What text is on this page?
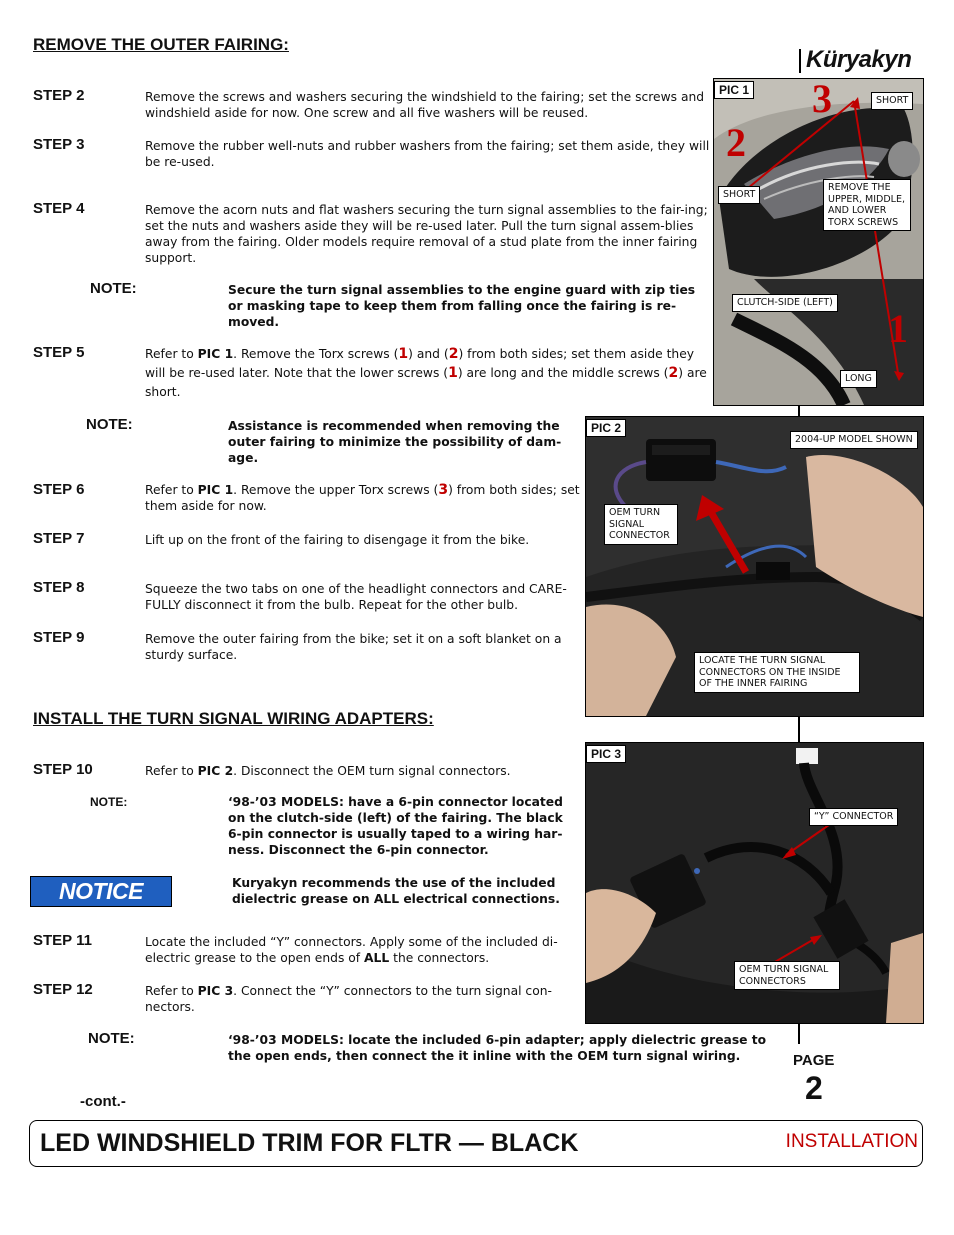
REMOVE THE OUTER FAIRING:
Küryakyn
STEP 2	Remove the screws and washers securing the windshield to the fairing; set the screws and windshield aside for now. One screw and all five washers will be reused.
STEP 3	Remove the rubber well-nuts and rubber washers from the fairing; set them aside, they will be re-used.
STEP 4	Remove the acorn nuts and flat washers securing the turn signal assemblies to the fair-ing; set the nuts and washers aside they will be re-used later. Pull the turn signal assem-blies away from the fairing. Older models require removal of a stud plate from the inner fairing support.
NOTE:	Secure the turn signal assemblies to the engine guard with zip ties or masking tape to keep them from falling once the fairing is re-moved.
STEP 5	Refer to PIC 1. Remove the Torx screws (1) and (2) from both sides; set them aside they will be re-used later. Note that the lower screws (1) are long and the middle screws (2) are short.
NOTE:	Assistance is recommended when removing the outer fairing to minimize the possibility of dam-age.
STEP 6	Refer to PIC 1. Remove the upper Torx screws (3) from both sides; set them aside for now.
STEP 7	Lift up on the front of the fairing to disengage it from the bike.
STEP 8	Squeeze the two tabs on one of the headlight connectors and CARE-FULLY disconnect it from the bulb. Repeat for the other bulb.
STEP 9	Remove the outer fairing from the bike; set it on a soft blanket on a sturdy surface.
INSTALL THE TURN SIGNAL WIRING ADAPTERS:
STEP 10	Refer to PIC 2. Disconnect the OEM turn signal connectors.
NOTE:	‘98-’03 MODELS: have a 6-pin connector located on the clutch-side (left) of the fairing. The black 6-pin connector is usually taped to a wiring har-ness. Disconnect the 6-pin connector.
NOTICE	Kuryakyn recommends the use of the included dielectric grease on ALL electrical connections.
STEP 11	Locate the included “Y” connectors. Apply some of the included di-electric grease to the open ends of ALL the connectors.
STEP 12	Refer to PIC 3. Connect the “Y” connectors to the turn signal con-nectors.
NOTE:	‘98-’03 MODELS: locate the included 6-pin adapter; apply dielectric grease to the open ends, then connect the it inline with the OEM turn signal wiring.
-cont.-
PAGE
2
PIC 1 3
2
1
SHORT
SHORT
REMOVE THE UPPER, MIDDLE, AND LOWER TORX SCREWS
CLUTCH-SIDE (LEFT)
LONG
PIC 2
2004-UP MODEL SHOWN
OEM TURN SIGNAL CONNECTOR
LOCATE THE TURN SIGNAL CONNECTORS ON THE INSIDE OF THE INNER FAIRING
PIC 3
“Y” CONNECTOR
OEM TURN SIGNAL CONNECTORS
LED WINDSHIELD TRIM FOR FLTR — BLACK	INSTALLATION
